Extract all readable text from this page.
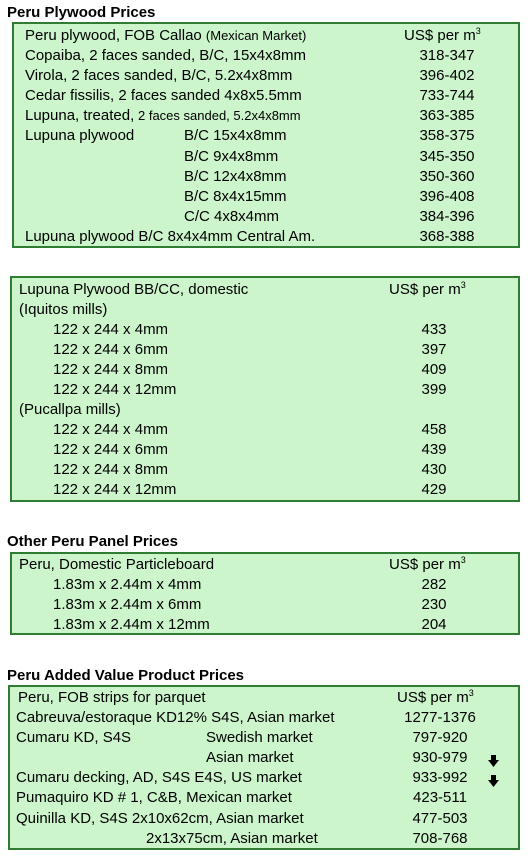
Peru Plywood Prices
Peru plywood, FOB Callao (Mexican Market)	US$ per $m^3$
Copaiba, 2 faces sanded, B/C, 15x4x8mm	318-347
Virola, 2 faces sanded, B/C, 5.2x4x8mm	396-402
Cedar fissilis, 2 faces sanded 4x8x5.5mm	733-744
Lupuna, treated, 2 faces sanded, 5.2x4x8mm	363-385
Lupuna plywood	B/C 15x4x8mm	358-375
B/C 9x4x8mm	345-350
B/C 12x4x8mm	350-360
B/C 8x4x15mm	396-408
C/C 4x8x4mm	384-396
Lupuna plywood B/C 8x4x4mm Central Am.	368-388
Lupuna Plywood BB/CC, domestic	US$ per $m^3$
(Iquitos mills)
122 x 244 x 4mm	433
122 x 244 x 6mm	397
122 x 244 x 8mm	409
122 x 244 x 12mm	399
(Pucallpa mills)
122 x 244 x 4mm	458
122 x 244 x 6mm	439
122 x 244 x 8mm	430
122 x 244 x 12mm	429
Other Peru Panel Prices
Peru, Domestic Particleboard	US$ per $m^3$
1.83m x 2.44m x 4mm	282
1.83m x 2.44m x 6mm	230
1.83m x 2.44m x 12mm	204
Peru Added Value Product Prices
Peru, FOB strips for parquet	US$ per $m^3$
Cabreuva/estoraque KD12% S4S, Asian market	1277-1376
Cumaru KD, S4S	Swedish market	797-920
Asian market	930-979
Cumaru decking, AD, S4S E4S, US market	933-992
Pumaquiro KD # 1, C&B, Mexican market	423-511
Quinilla KD, S4S 2x10x62cm, Asian market	477-503
2x13x75cm, Asian market	708-768
